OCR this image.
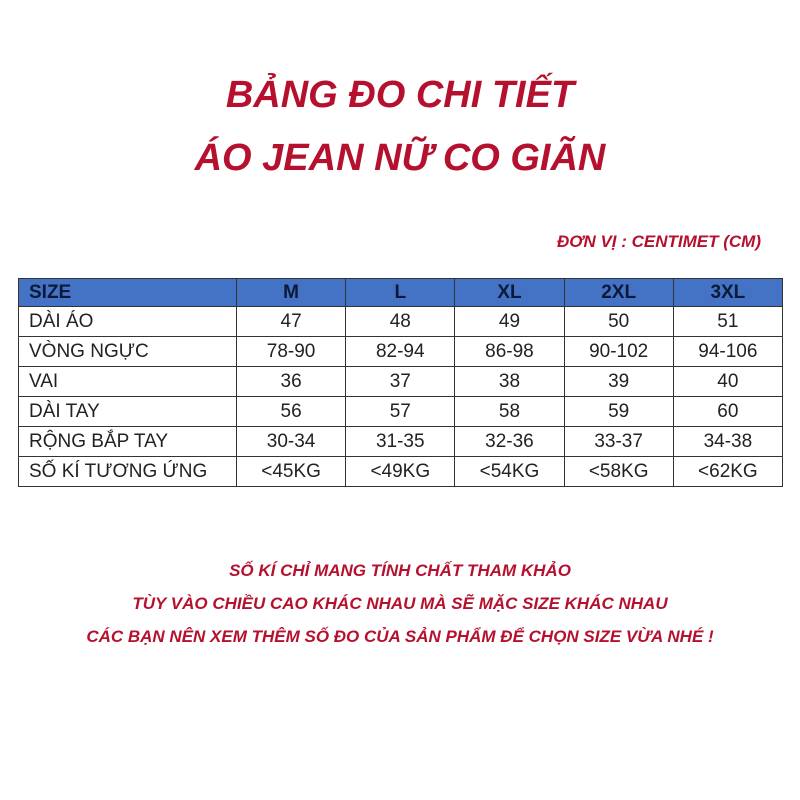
BẢNG ĐO CHI TIẾT
ÁO JEAN NỮ CO GIÃN
ĐƠN VỊ : CENTIMET (CM)
SIZE	M	L	XL	2XL	3XL
DÀI ÁO	47	48	49	50	51
VÒNG NGỰC	78-90	82-94	86-98	90-102	94-106
VAI	36	37	38	39	40
DÀI TAY	56	57	58	59	60
RỘNG BẮP TAY	30-34	31-35	32-36	33-37	34-38
SỐ KÍ TƯƠNG ỨNG	<45KG	<49KG	<54KG	<58KG	<62KG
SỐ KÍ CHỈ MANG TÍNH CHẤT THAM KHẢO
TÙY VÀO CHIỀU CAO KHÁC NHAU MÀ SẼ MẶC SIZE KHÁC NHAU
CÁC BẠN NÊN XEM THÊM SỐ ĐO CỦA SẢN PHẨM ĐỂ CHỌN SIZE VỪA NHÉ !
